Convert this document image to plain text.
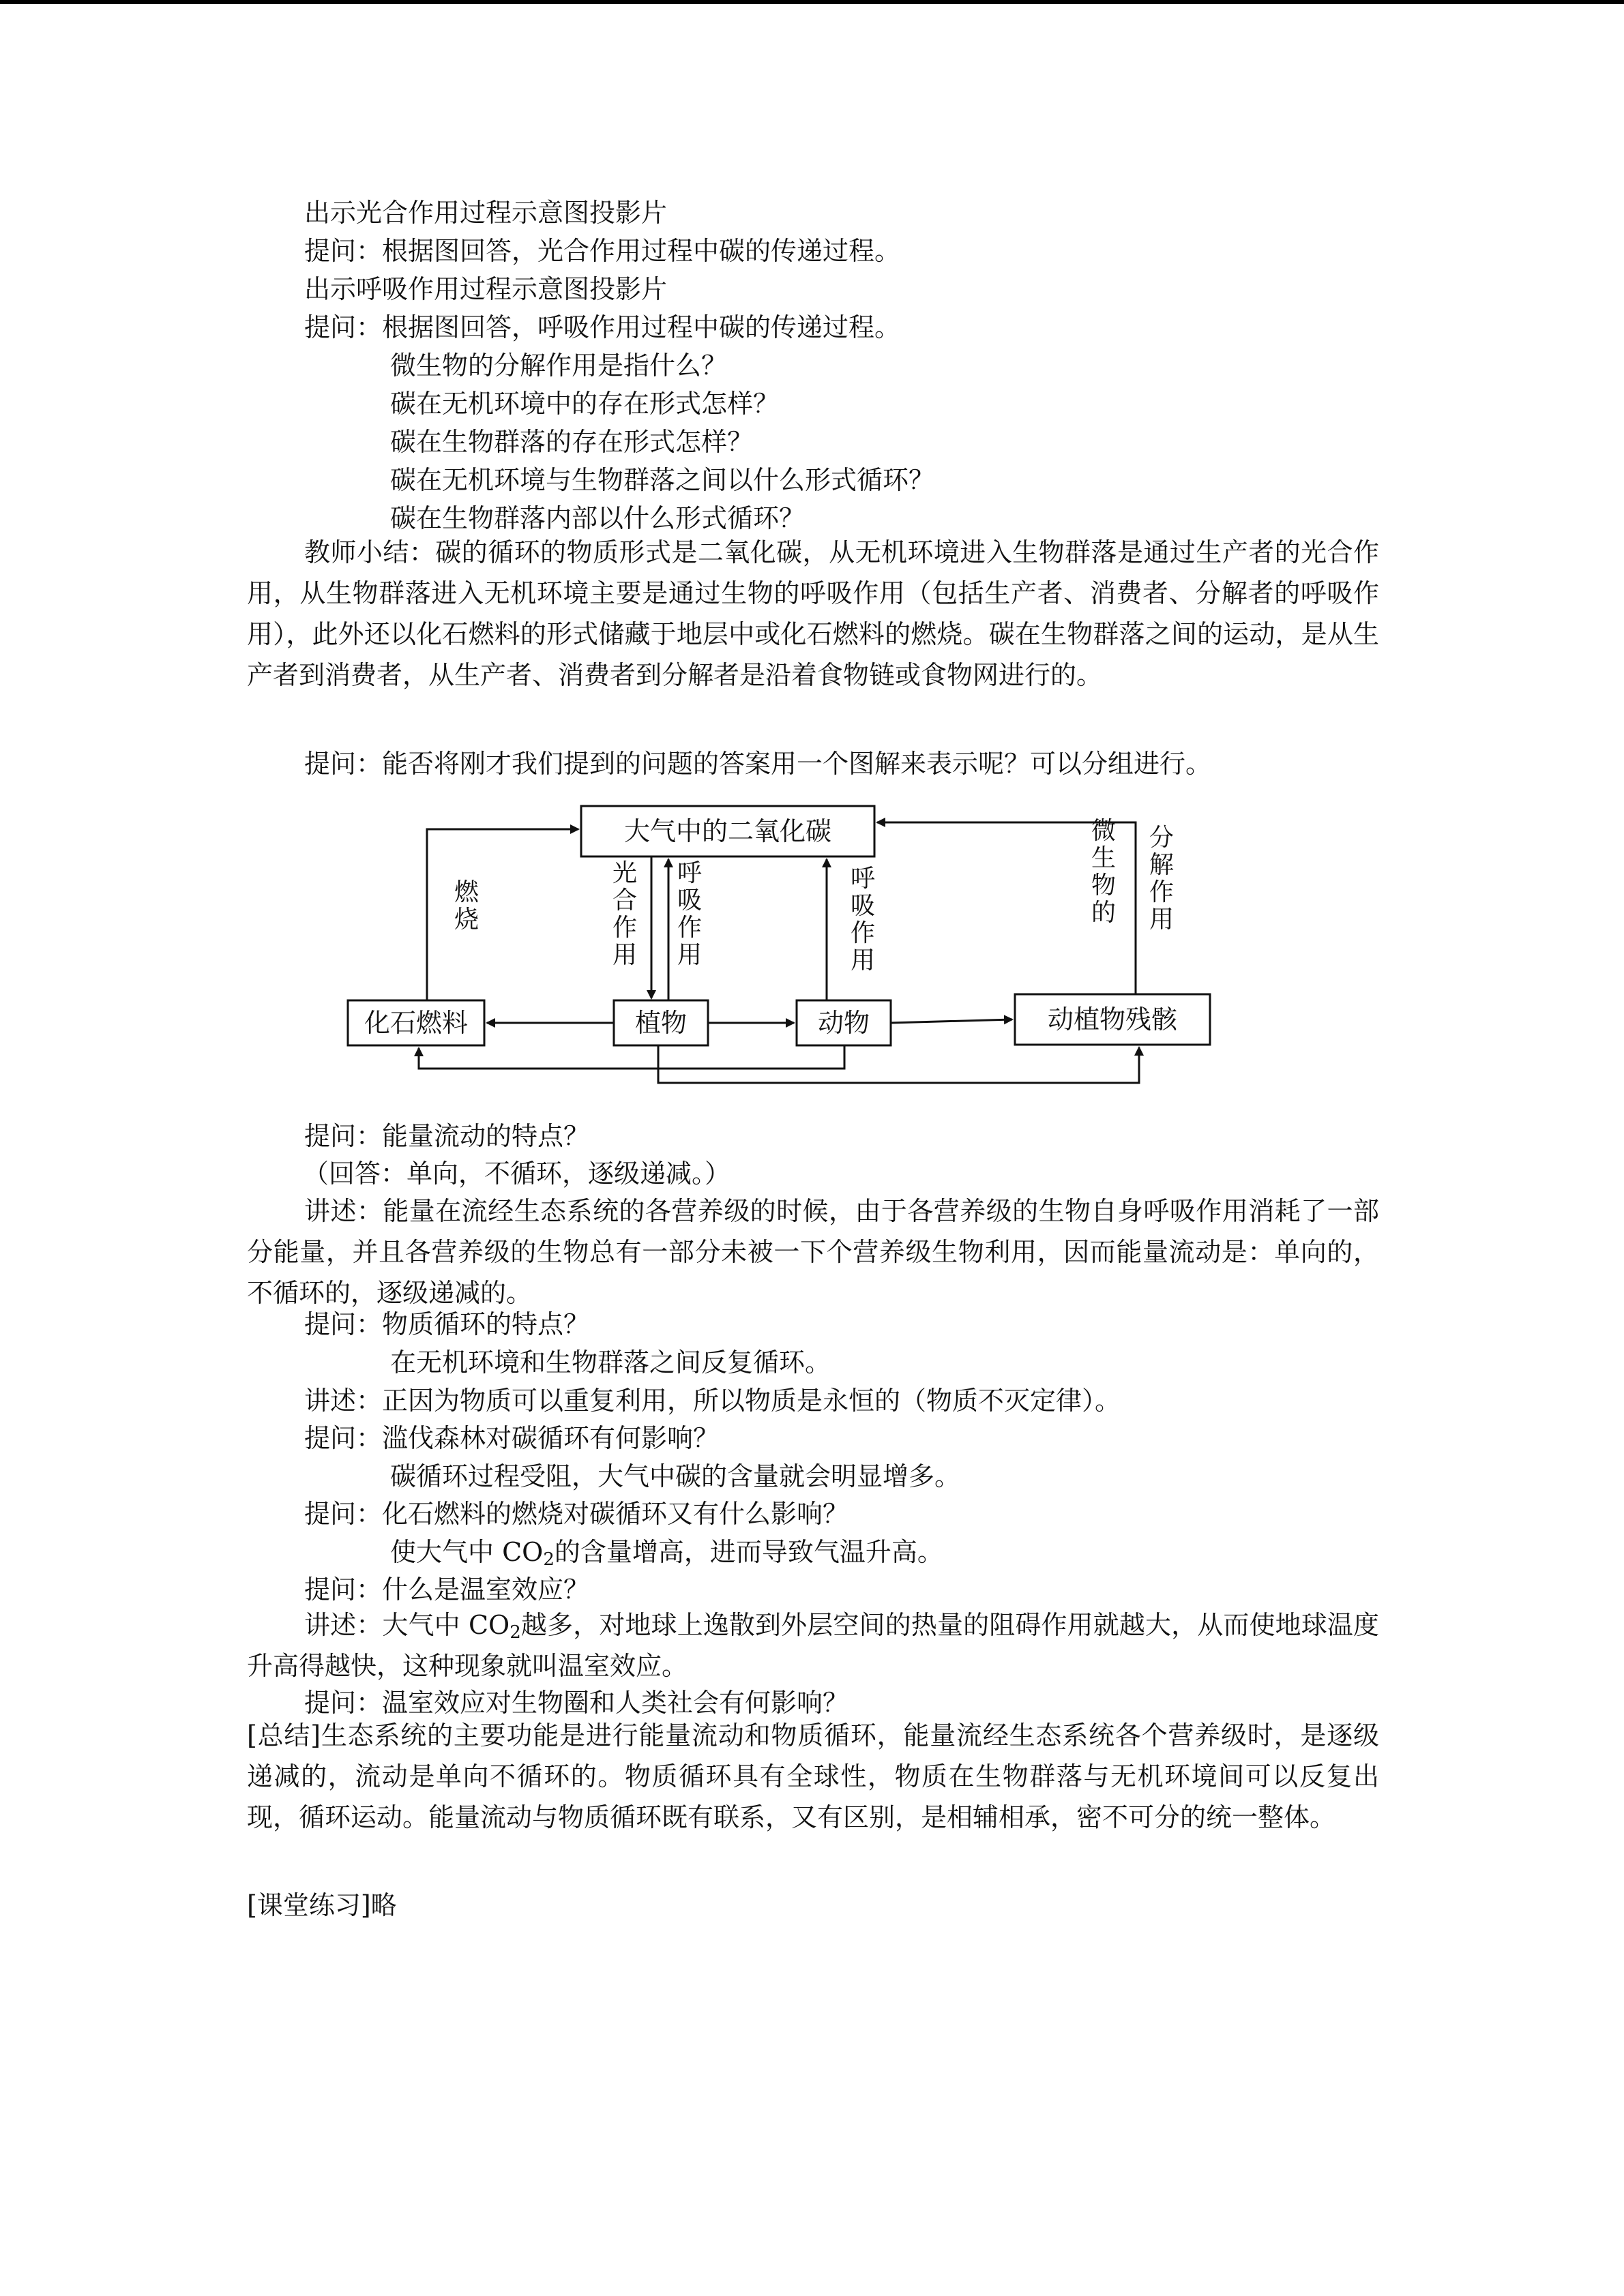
出示光合作用过程示意图投影片
提问：根据图回答，光合作用过程中碳的传递过程。
出示呼吸作用过程示意图投影片
提问：根据图回答，呼吸作用过程中碳的传递过程。
微生物的分解作用是指什么？
碳在无机环境中的存在形式怎样？
碳在生物群落的存在形式怎样？
碳在无机环境与生物群落之间以什么形式循环？
碳在生物群落内部以什么形式循环？
教师小结：碳的循环的物质形式是二氧化碳，从无机环境进入生物群落是通过生产者的光合作用，从生物群落进入无机环境主要是通过生物的呼吸作用（包括生产者、消费者、分解者的呼吸作用），此外还以化石燃料的形式储藏于地层中或化石燃料的燃烧。碳在生物群落之间的运动，是从生产者到消费者，从生产者、消费者到分解者是沿着食物链或食物网进行的。
提问：能否将刚才我们提到的问题的答案用一个图解来表示呢？可以分组进行。
大气中的二氧化碳
化石燃料	植物	动物	动植物残骸
燃
烧
光
合
作
用
呼
吸
作
用
呼
吸
作
用
微
生
物
的
分
解
作
用
提问：能量流动的特点？
（回答：单向，不循环，逐级递减。）
讲述：能量在流经生态系统的各营养级的时候，由于各营养级的生物自身呼吸作用消耗了一部分能量，并且各营养级的生物总有一部分未被一下个营养级生物利用，因而能量流动是：单向的，不循环的，逐级递减的。
提问：物质循环的特点？
在无机环境和生物群落之间反复循环。
讲述：正因为物质可以重复利用，所以物质是永恒的（物质不灭定律）。
提问：滥伐森林对碳循环有何影响？
碳循环过程受阻，大气中碳的含量就会明显增多。
提问：化石燃料的燃烧对碳循环又有什么影响？
使大气中 $CO_2$的含量增高，进而导致气温升高。
提问：什么是温室效应？
讲述：大气中 $CO_2$越多，对地球上逸散到外层空间的热量的阻碍作用就越大，从而使地球温度升高得越快，这种现象就叫温室效应。
提问：温室效应对生物圈和人类社会有何影响？
[总结]生态系统的主要功能是进行能量流动和物质循环，能量流经生态系统各个营养级时，是逐级递减的，流动是单向不循环的。物质循环具有全球性，物质在生物群落与无机环境间可以反复出现，循环运动。能量流动与物质循环既有联系，又有区别，是相辅相承，密不可分的统一整体。
[课堂练习]略
